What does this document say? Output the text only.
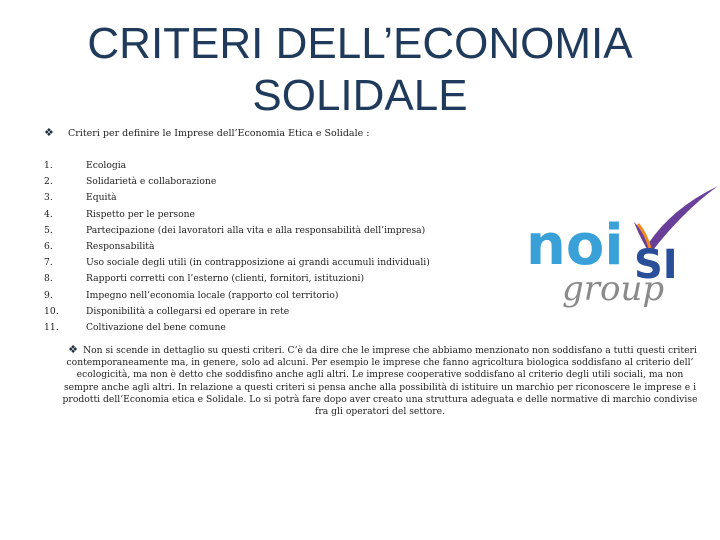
CRITERI DELL’ECONOMIA
SOLIDALE
❖ Criteri per definire le Imprese dell’Economia Etica e Solidale :
1.	Ecologia
2.	Solidarietà e collaborazione
3.	Equità
4.	Rispetto per le persone
5.	Partecipazione (dei lavoratori alla vita e alla responsabilità dell’impresa)
6.	Responsabilità
7.	Uso sociale degli utili (in contrapposizione ai grandi accumuli individuali)
8.	Rapporti corretti con l’esterno (clienti, fornitori, istituzioni)
9.	Impegno nell’economia locale (rapporto col territorio)
10.	Disponibilità a collegarsi ed operare in rete
11.	Coltivazione del bene comune
noi SI
group
❖ Non si scende in dettaglio su questi criteri. C’è da dire che le imprese che abbiamo menzionato non soddisfano a tutti questi criteri contemporaneamente ma, in genere, solo ad alcuni. Per esempio le imprese che fanno agricoltura biologica soddisfano al criterio dell’ ecologicità, ma non è detto che soddisfino anche agli altri. Le imprese cooperative soddisfano al criterio degli utili sociali, ma non sempre anche agli altri. In relazione a questi criteri si pensa anche alla possibilità di istituire un marchio per riconoscere le imprese e i prodotti dell’Economia etica e Solidale. Lo si potrà fare dopo aver creato una struttura adeguata e delle normative di marchio condivise fra gli operatori del settore.
